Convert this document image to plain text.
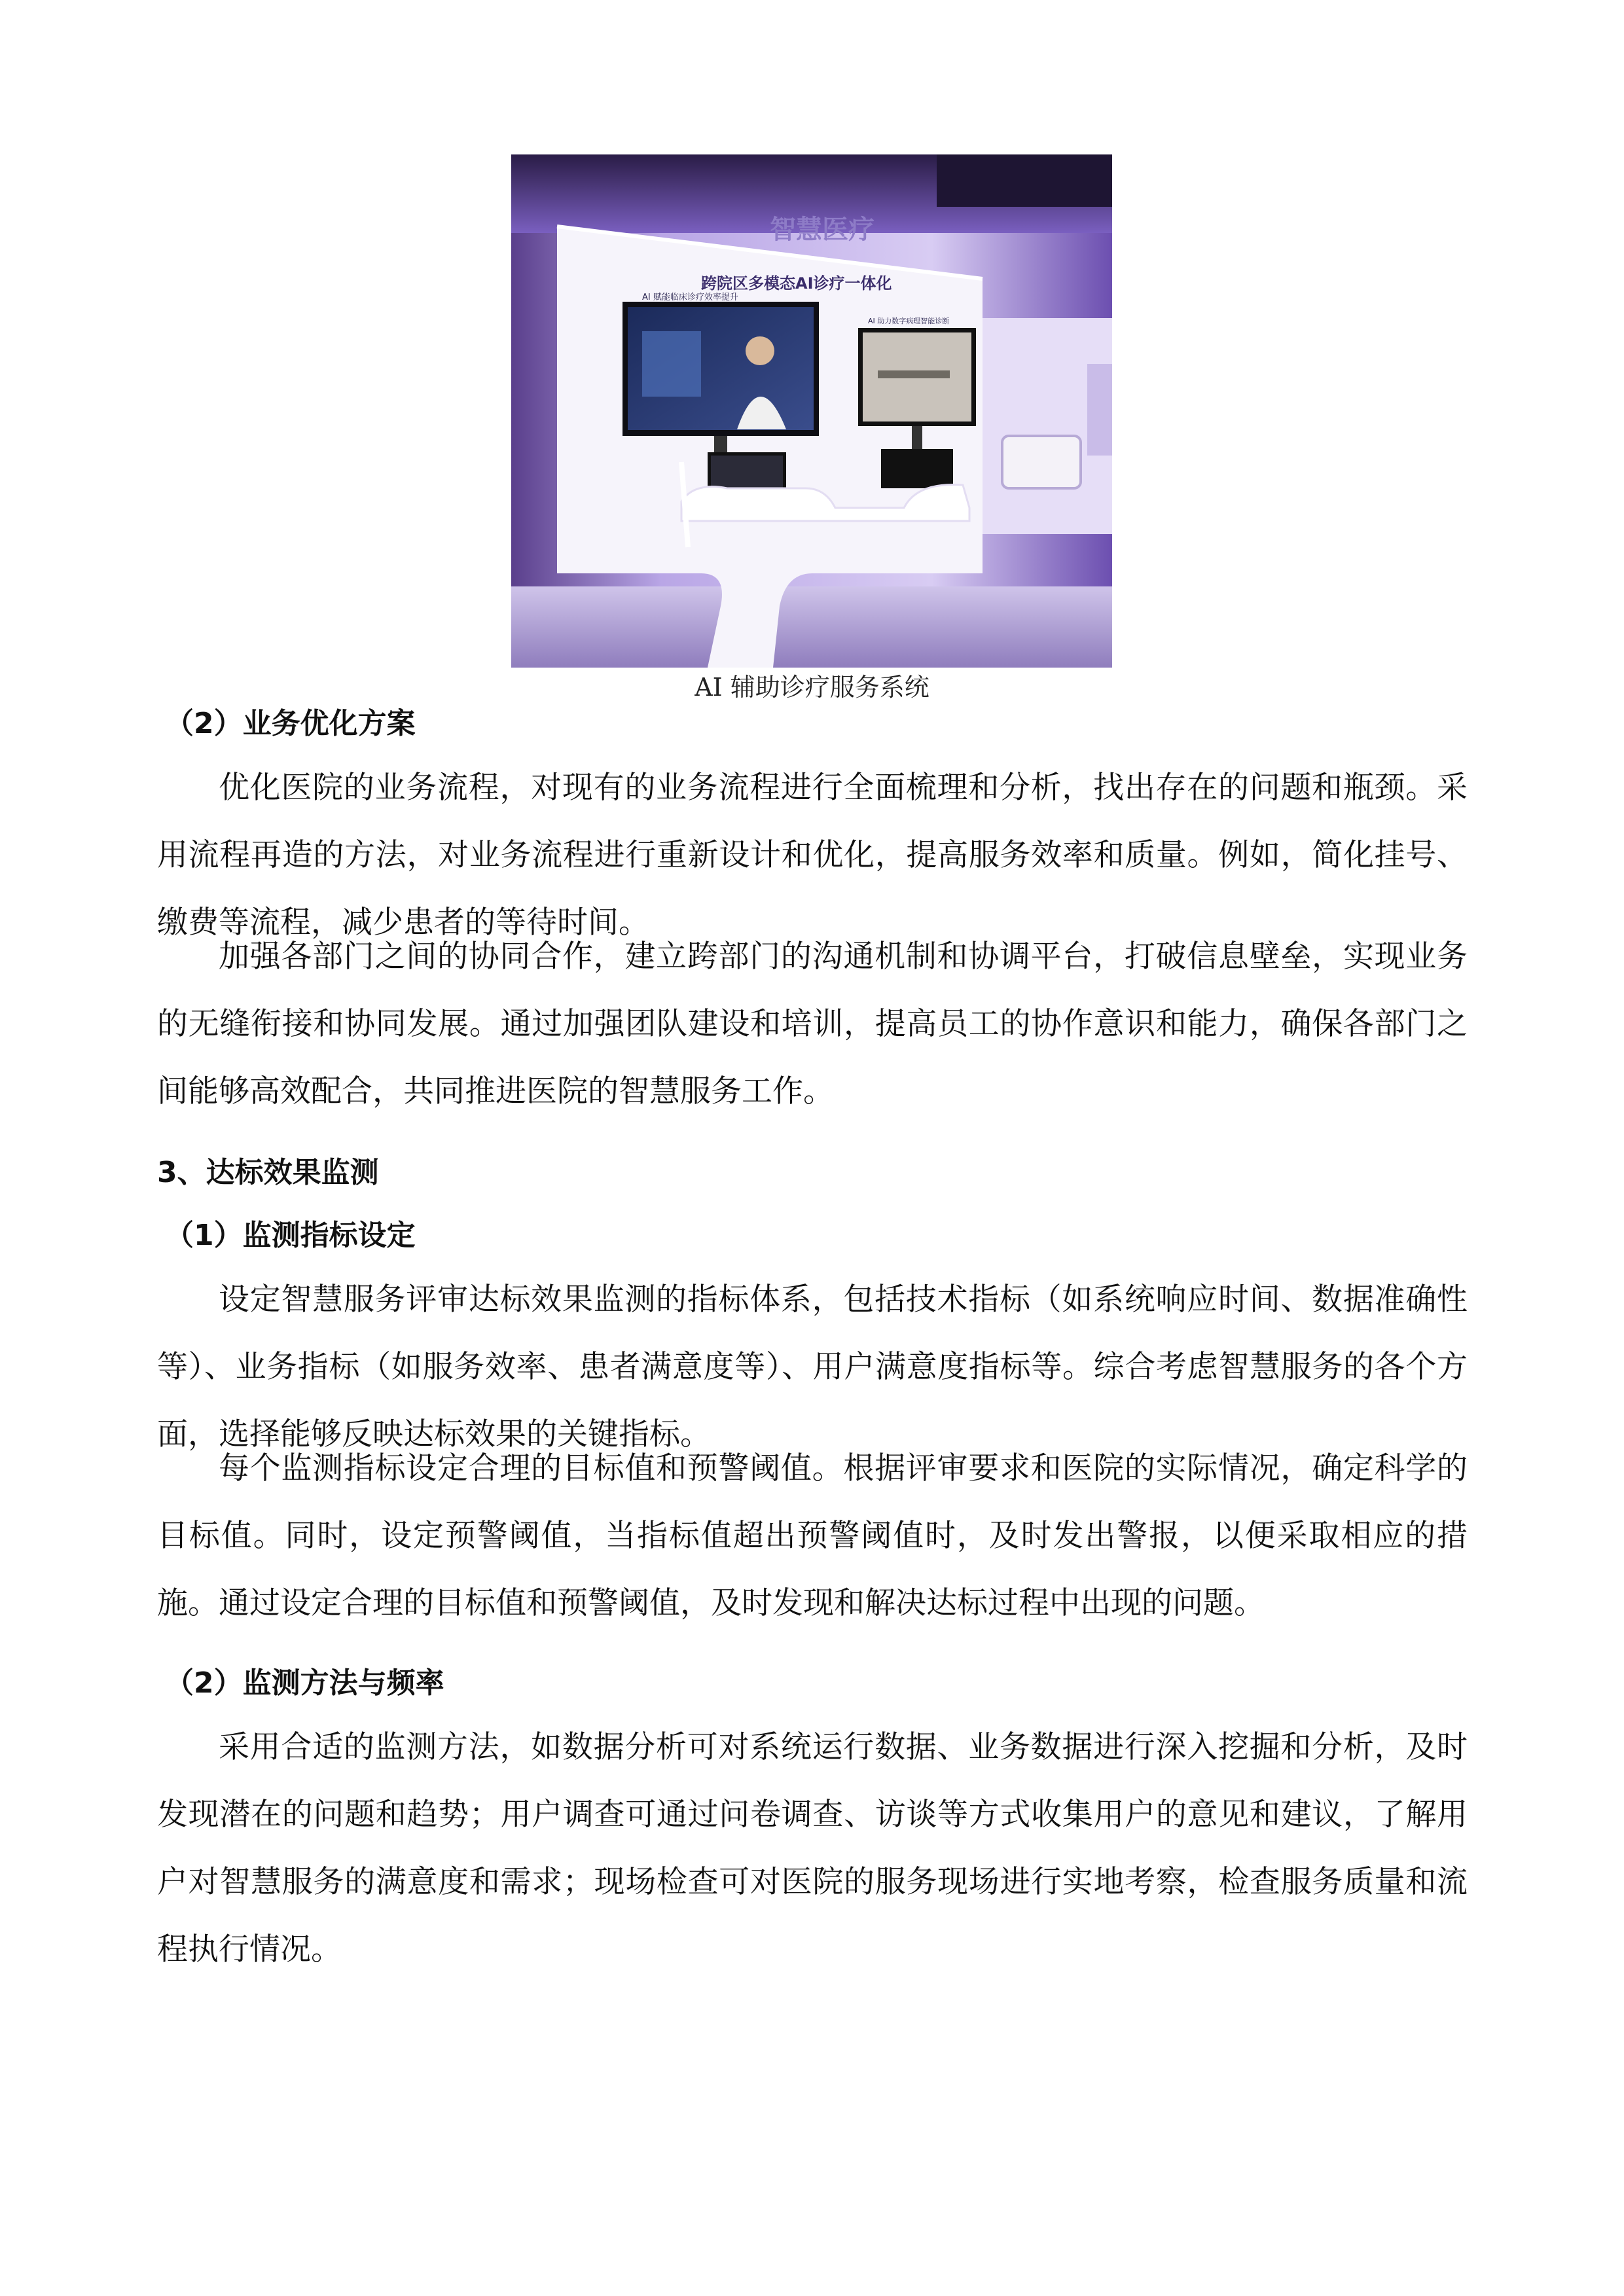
智慧医疗
跨院区多模态AI诊疗一体化
AI 赋能临床诊疗效率提升
AI 助力数字病理智能诊断
AI 辅助诊疗服务系统
（2）业务优化方案
优化医院的业务流程，对现有的业务流程进行全面梳理和分析，找出存在的问题和瓶颈。采用流程再造的方法，对业务流程进行重新设计和优化，提高服务效率和质量。例如，简化挂号、缴费等流程，减少患者的等待时间。
加强各部门之间的协同合作，建立跨部门的沟通机制和协调平台，打破信息壁垒，实现业务的无缝衔接和协同发展。通过加强团队建设和培训，提高员工的协作意识和能力，确保各部门之间能够高效配合，共同推进医院的智慧服务工作。
3、达标效果监测
（1）监测指标设定
设定智慧服务评审达标效果监测的指标体系，包括技术指标（如系统响应时间、数据准确性等）、业务指标（如服务效率、患者满意度等）、用户满意度指标等。综合考虑智慧服务的各个方面，选择能够反映达标效果的关键指标。
每个监测指标设定合理的目标值和预警阈值。根据评审要求和医院的实际情况，确定科学的目标值。同时，设定预警阈值，当指标值超出预警阈值时，及时发出警报，以便采取相应的措施。通过设定合理的目标值和预警阈值，及时发现和解决达标过程中出现的问题。
（2）监测方法与频率
采用合适的监测方法，如数据分析可对系统运行数据、业务数据进行深入挖掘和分析，及时发现潜在的问题和趋势；用户调查可通过问卷调查、访谈等方式收集用户的意见和建议，了解用户对智慧服务的满意度和需求；现场检查可对医院的服务现场进行实地考察，检查服务质量和流程执行情况。
